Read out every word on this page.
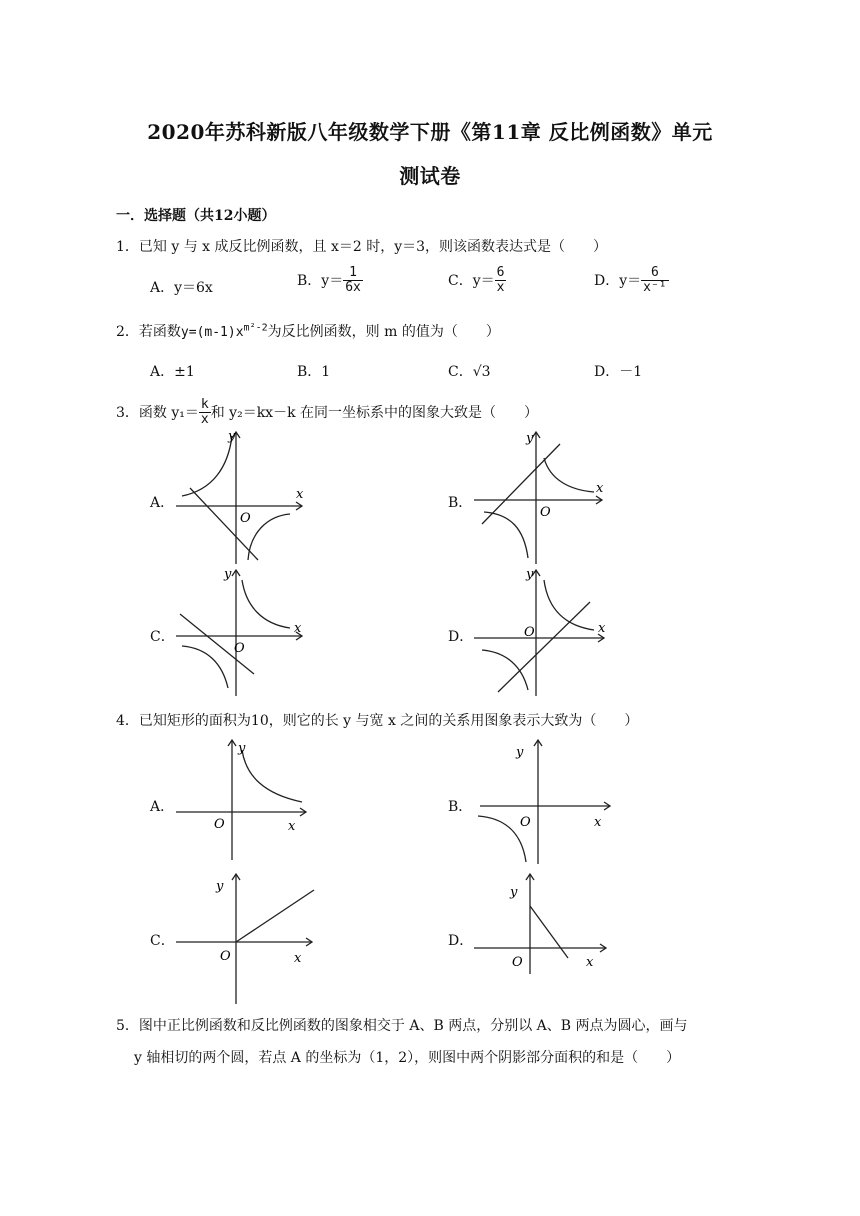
2020年苏科新版八年级数学下册《第11章 反比例函数》单元
测试卷
一．选择题（共12小题）
1．已知 y 与 x 成反比例函数，且 x＝2 时，y＝3，则该函数表达式是（　　）
A．y＝6x	B．$y= \frac{1}{6x}$	C．$y= \frac{6}{x}$	D．$y= \frac{6}{\text{x⁻¹}}$
2．若函数$y=(m-1)x^{m^2-2}$为反比例函数，则 m 的值为（　　）
A．±1	B．1	C．√3	D．－1
3．函数 $y_1= \frac{k}{x}$ 和 y₂＝kx－k 在同一坐标系中的图象大致是（　　）
A．
x
y
O
B．
x
y
O
C．
x
y
O
D．
x
y
O
4．已知矩形的面积为10，则它的长 y 与宽 x 之间的关系用图象表示大致为（　　）
A．
x
y
O
B．
x
y
O
C．
x
y
O
D．
x
y
O
5．图中正比例函数和反比例函数的图象相交于 A、B 两点，分别以 A、B 两点为圆心，画与
y 轴相切的两个圆，若点 A 的坐标为（1，2），则图中两个阴影部分面积的和是（　　）
